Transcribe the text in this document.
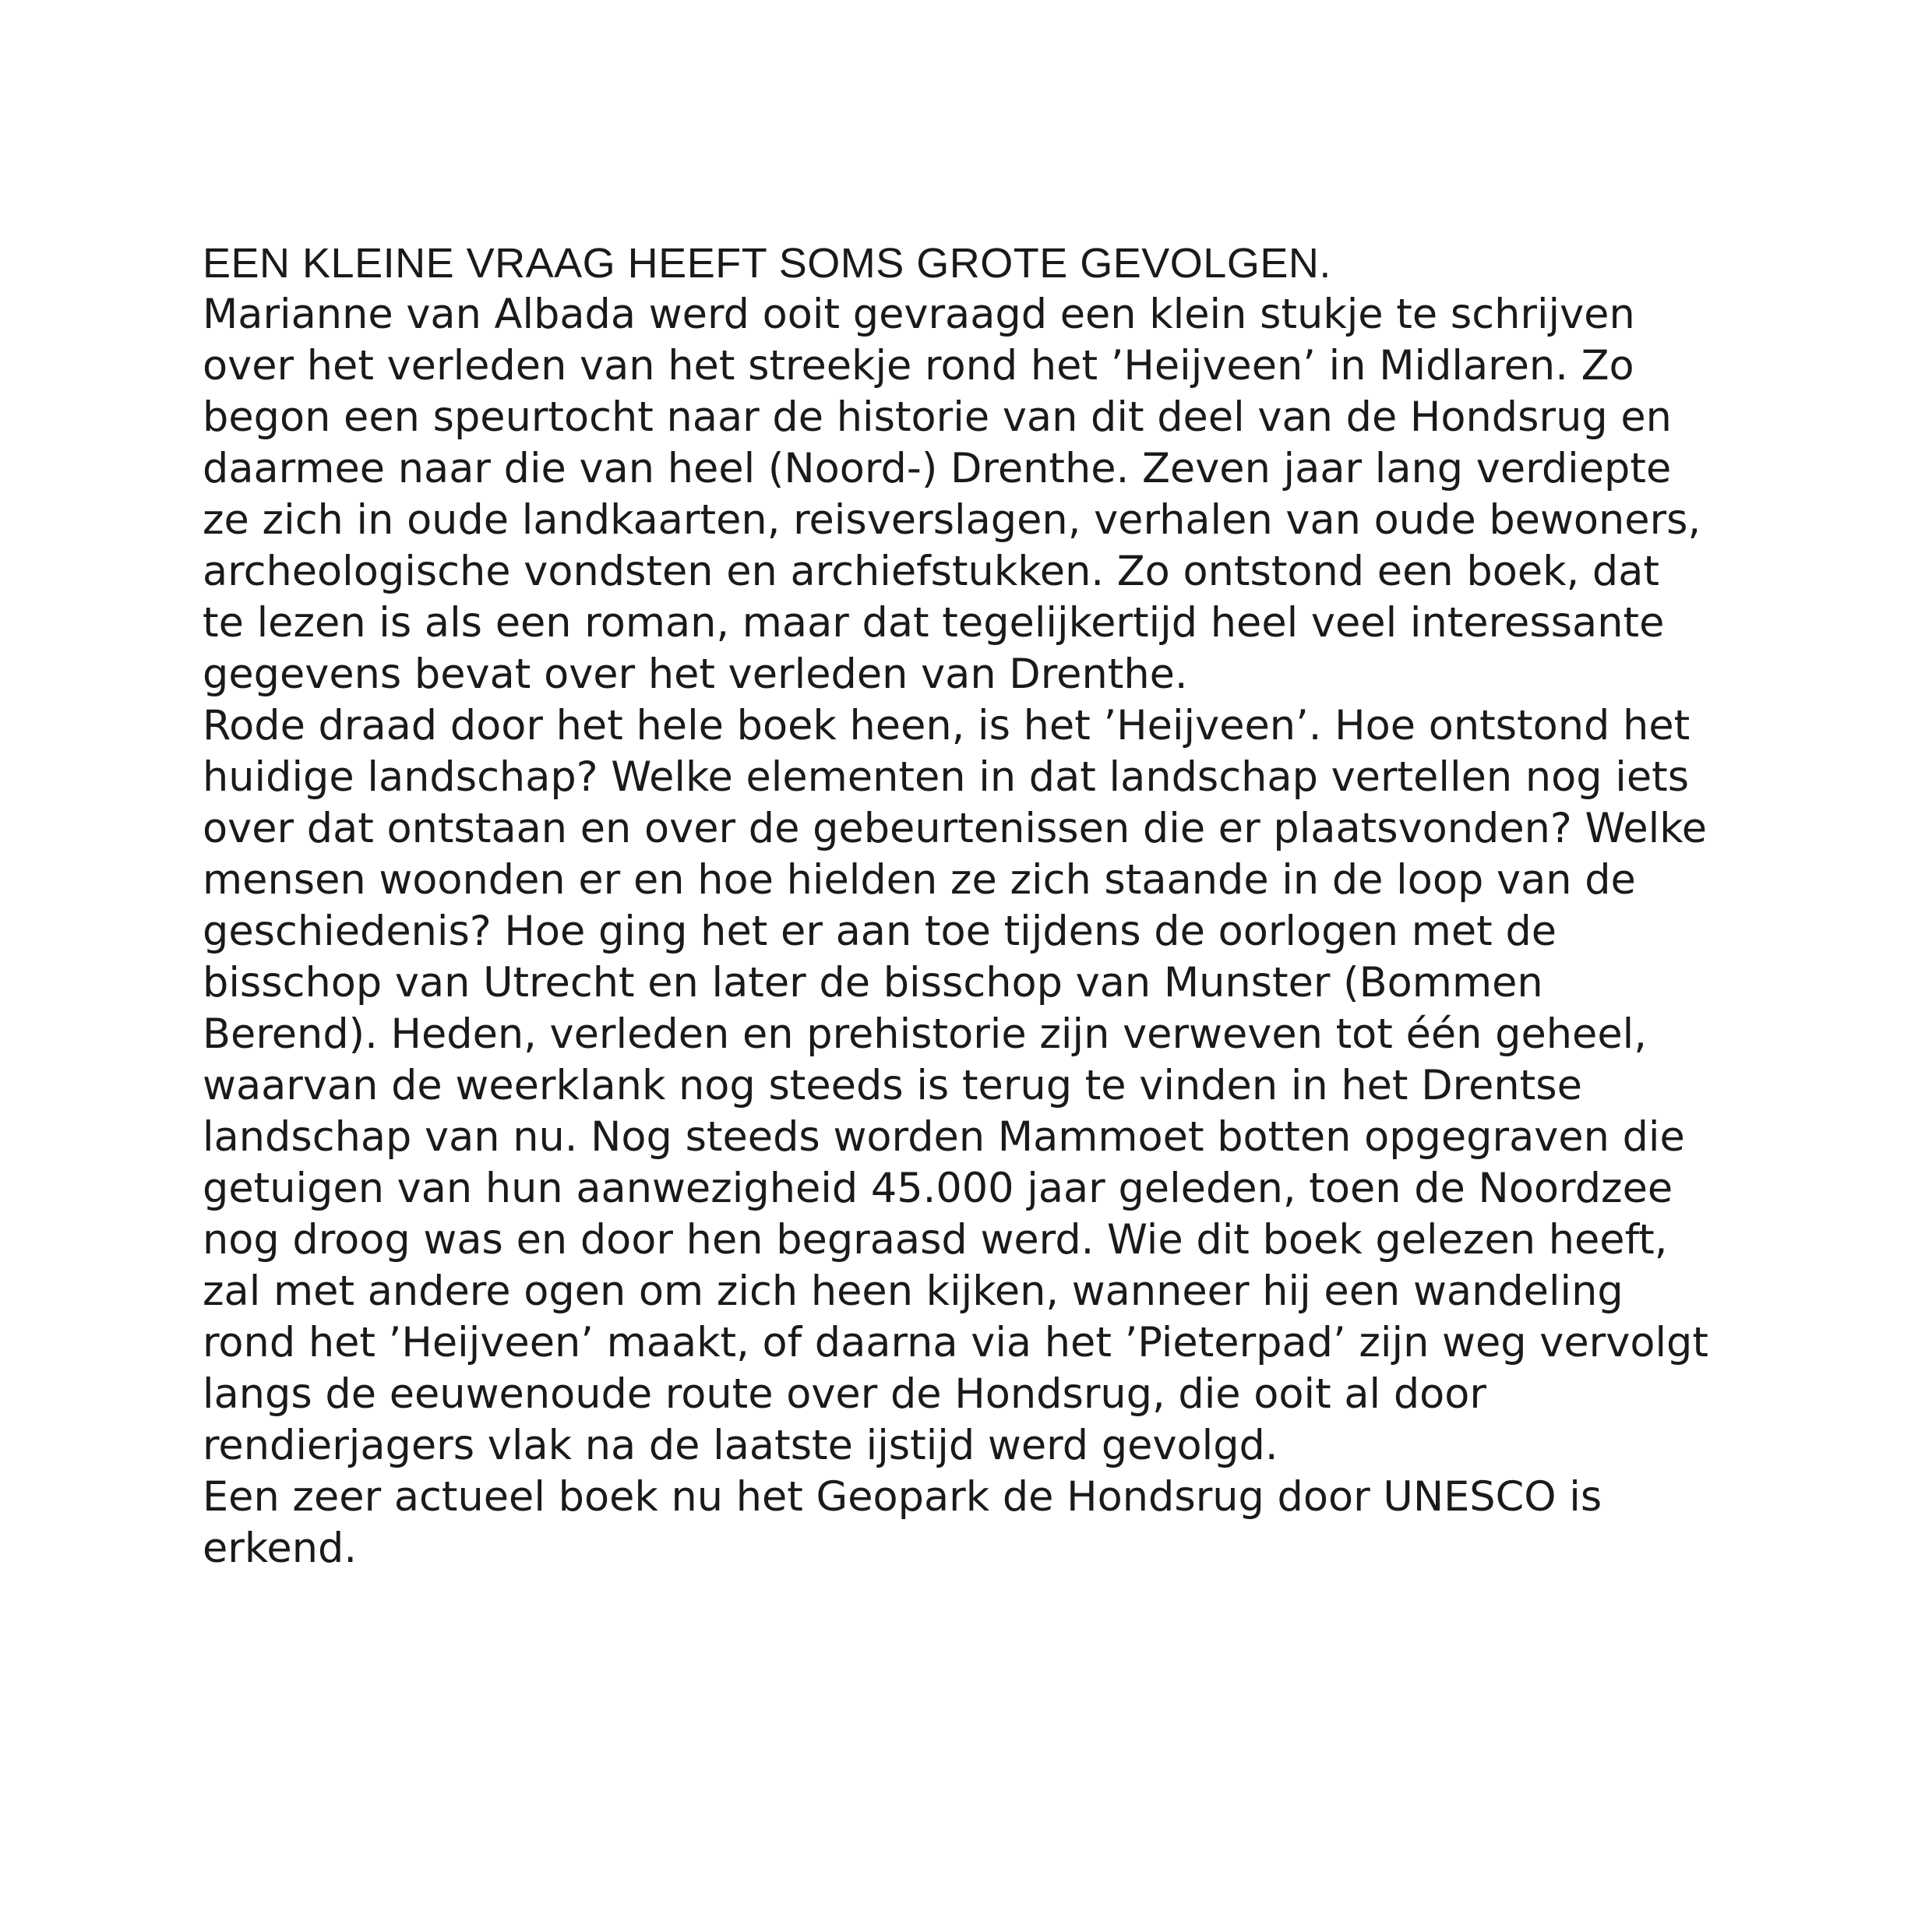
EEN KLEINE VRAAG HEEFT SOMS GROTE GEVOLGEN.
Marianne van Albada werd ooit gevraagd een klein stukje te schrijven
over het verleden van het streekje rond het ’Heijveen’ in Midlaren. Zo
begon een speurtocht naar de historie van dit deel van de Hondsrug en
daarmee naar die van heel (Noord-) Drenthe. Zeven jaar lang verdiepte
ze zich in oude landkaarten, reisverslagen, verhalen van oude bewoners,
archeologische vondsten en archiefstukken. Zo ontstond een boek, dat
te lezen is als een roman, maar dat tegelijkertijd heel veel interessante
gegevens bevat over het verleden van Drenthe.
Rode draad door het hele boek heen, is het ’Heijveen’. Hoe ontstond het
huidige landschap? Welke elementen in dat landschap vertellen nog iets
over dat ontstaan en over de gebeurtenissen die er plaatsvonden? Welke
mensen woonden er en hoe hielden ze zich staande in de loop van de
geschiedenis? Hoe ging het er aan toe tijdens de oorlogen met de
bisschop van Utrecht en later de bisschop van Munster (Bommen
Berend). Heden, verleden en prehistorie zijn verweven tot één geheel,
waarvan de weerklank nog steeds is terug te vinden in het Drentse
landschap van nu. Nog steeds worden Mammoet botten opgegraven die
getuigen van hun aanwezigheid 45.000 jaar geleden, toen de Noordzee
nog droog was en door hen begraasd werd. Wie dit boek gelezen heeft,
zal met andere ogen om zich heen kijken, wanneer hij een wandeling
rond het ’Heijveen’ maakt, of daarna via het ’Pieterpad’ zijn weg vervolgt
langs de eeuwenoude route over de Hondsrug, die ooit al door
rendierjagers vlak na de laatste ijstijd werd gevolgd.
Een zeer actueel boek nu het Geopark de Hondsrug door UNESCO is
erkend.
